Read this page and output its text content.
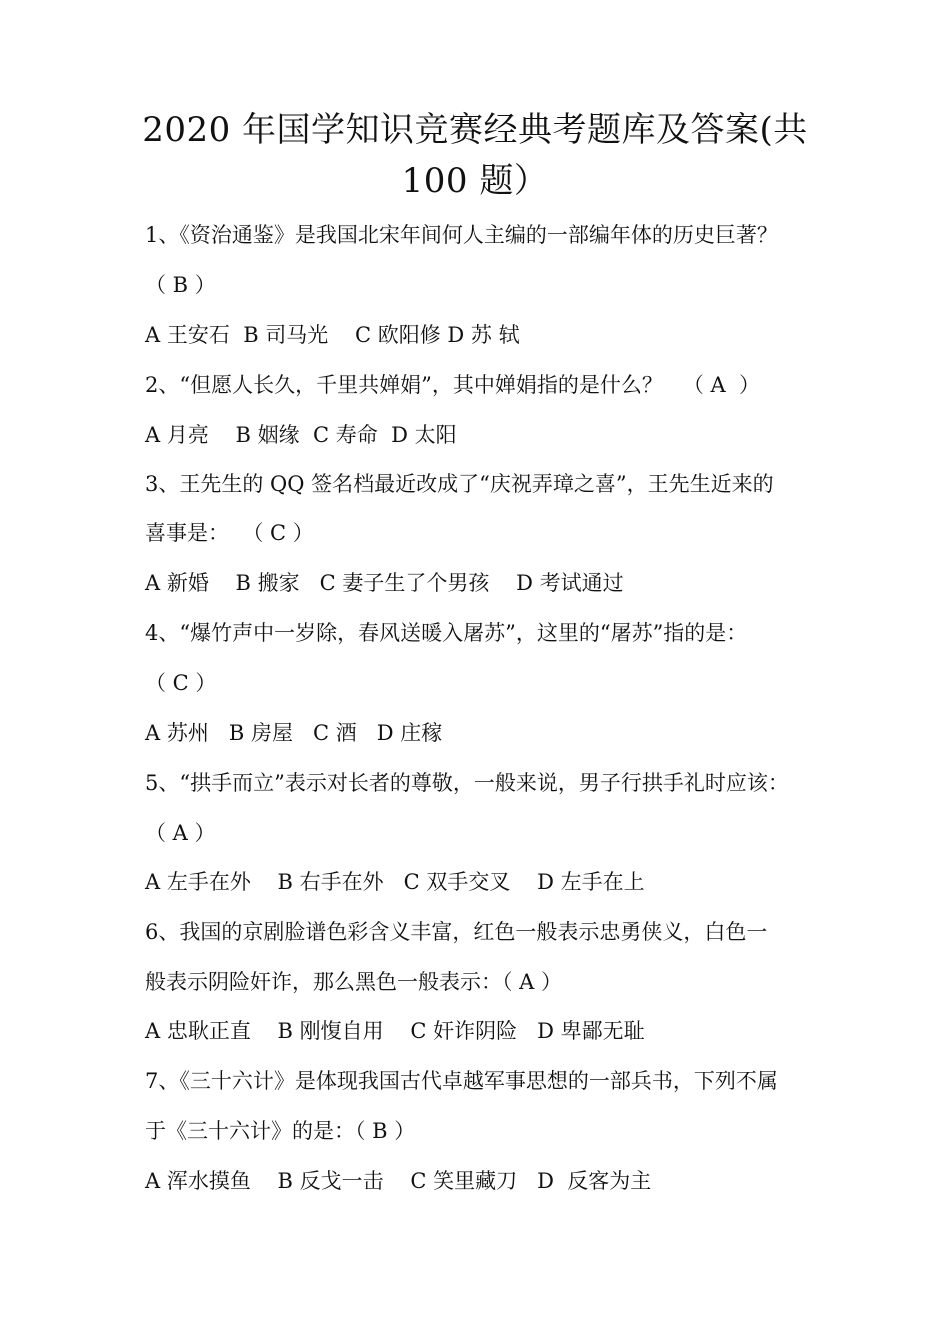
2020 年国学知识竞赛经典考题库及答案(共
100 题）
1、《资治通鉴》是我国北宋年间何人主编的一部编年体的历史巨著？
（ B ）
A 王安石  B 司马光    C 欧阳修 D 苏 轼
2、“但愿人长久，千里共婵娟”，其中婵娟指的是什么？   （ A  ）
A 月亮    B 姻缘  C 寿命  D 太阳
3、王先生的 QQ 签名档最近改成了“庆祝弄璋之喜”，王先生近来的
喜事是：  （ C ）
A 新婚    B 搬家   C 妻子生了个男孩    D 考试通过
4、“爆竹声中一岁除，春风送暖入屠苏”，这里的“屠苏”指的是：
（ C ）
A 苏州   B 房屋   C 酒   D 庄稼
5、“拱手而立”表示对长者的尊敬，一般来说，男子行拱手礼时应该：
（ A ）
A 左手在外    B 右手在外   C 双手交叉    D 左手在上
6、我国的京剧脸谱色彩含义丰富，红色一般表示忠勇侠义，白色一
般表示阴险奸诈，那么黑色一般表示：（ A ）
A 忠耿正直    B 刚愎自用    C 奸诈阴险   D 卑鄙无耻
7、《三十六计》是体现我国古代卓越军事思想的一部兵书，下列不属
于《三十六计》的是：（ B ）
A 浑水摸鱼    B 反戈一击    C 笑里藏刀   D  反客为主
